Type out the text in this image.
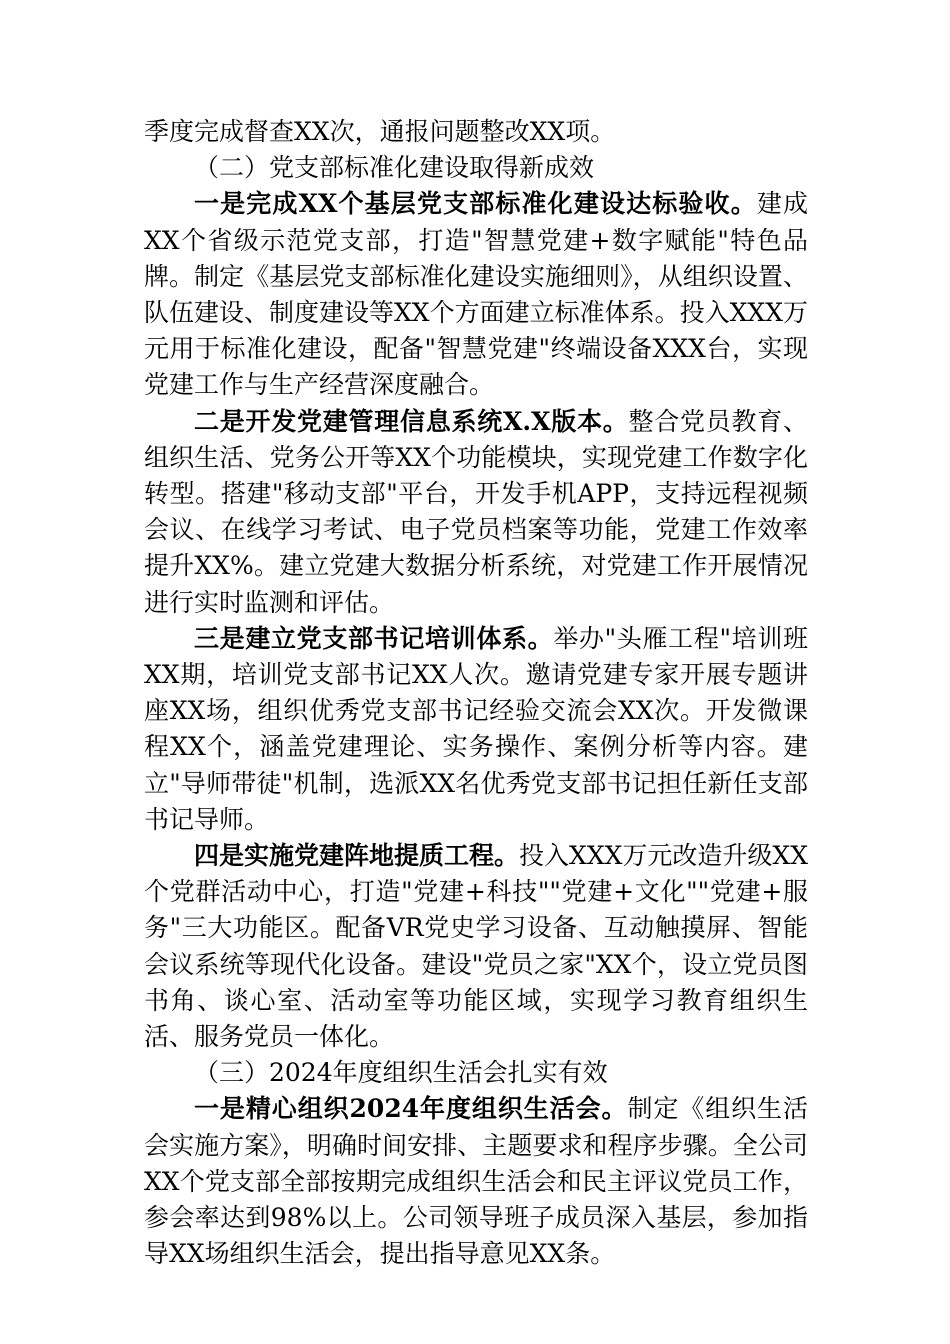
季度完成督查XX次，通报问题整改XX项。

（二）党支部标准化建设取得新成效

一是完成XX个基层党支部标准化建设达标验收。建成XX个省级示范党支部，打造"智慧党建+数字赋能"特色品牌。制定《基层党支部标准化建设实施细则》，从组织设置、队伍建设、制度建设等XX个方面建立标准体系。投入XXX万元用于标准化建设，配备"智慧党建"终端设备XXX台，实现党建工作与生产经营深度融合。

二是开发党建管理信息系统X.X版本。整合党员教育、组织生活、党务公开等XX个功能模块，实现党建工作数字化转型。搭建"移动支部"平台，开发手机APP，支持远程视频会议、在线学习考试、电子党员档案等功能，党建工作效率提升XX%。建立党建大数据分析系统，对党建工作开展情况进行实时监测和评估。

三是建立党支部书记培训体系。举办"头雁工程"培训班XX期，培训党支部书记XX人次。邀请党建专家开展专题讲座XX场，组织优秀党支部书记经验交流会XX次。开发微课程XX个，涵盖党建理论、实务操作、案例分析等内容。建立"导师带徒"机制，选派XX名优秀党支部书记担任新任支部书记导师。

四是实施党建阵地提质工程。投入XXX万元改造升级XX个党群活动中心，打造"党建+科技""党建+文化""党建+服务"三大功能区。配备VR党史学习设备、互动触摸屏、智能会议系统等现代化设备。建设"党员之家"XX个，设立党员图书角、谈心室、活动室等功能区域，实现学习教育组织生活、服务党员一体化。

（三）2024年度组织生活会扎实有效

一是精心组织2024年度组织生活会。制定《组织生活会实施方案》，明确时间安排、主题要求和程序步骤。全公司XX个党支部全部按期完成组织生活会和民主评议党员工作，参会率达到98%以上。公司领导班子成员深入基层，参加指导XX场组织生活会，提出指导意见XX条。
